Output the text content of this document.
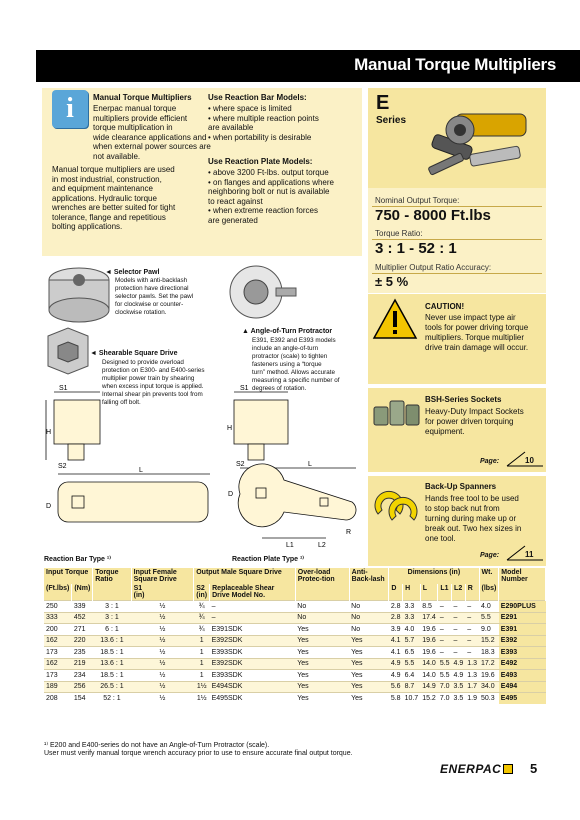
Manual Torque Multipliers
i	Manual Torque Multipliers
Enerpac manual torque
multipliers provide efficient
torque multiplication in
wide clearance applications and
when external power sources are
not available.
Manual torque multipliers are used
in most industrial, construction,
and equipment maintenance
applications. Hydraulic torque
wrenches are better suited for tight
tolerance, flange and repetitious
bolting applications.
Use Reaction Bar Models:
• where space is limited
• where multiple reaction points
are available
• when portability is desirable
Use Reaction Plate Models:
• above 3200 Ft-lbs. output torque
• on flanges and applications where
neighboring bolt or nut is available
to react against
• when extreme reaction forces
are generated
E
Series
Nominal Output Torque:
750 - 8000 Ft.lbs
Torque Ratio:
3 : 1 - 52 : 1
Multiplier Output Ratio Accuracy:
± 5 %
CAUTION!
Never use impact type air
tools for power driving torque
multipliers. Torque multiplier
drive train damage will occur.
BSH-Series Sockets
Heavy-Duty Impact Sockets
for power driven torquing
equipment.
Page:	10
Back-Up Spanners
Hands free tool to be used
to stop back nut from
turning during make up or
break out. Two hex sizes in
one tool.
Page:	11
◄ Selector Pawl
Models with anti-backlash
protection have directional
selector pawls. Set the pawl
for clockwise or counter-
clockwise rotation.
▲ Angle-of-Turn Protractor
E391, E392 and E393 models
include an angle-of-turn
protractor (scale) to tighten
fasteners using a “torque
turn” method. Allows accurate
measuring a specific number of
degrees of rotation.
◄ Shearable Square Drive
Designed to provide overload
protection on E300- and E400-series
multiplier power train by shearing
when excess input torque is applied.
Internal shear pin prevents tool from
falling off bolt.
S1
H
S2
L
D
S1
H
S2	L
D
L1	L2
R
Reaction Bar Type ¹⁾	Reaction Plate Type ¹⁾
Input Torque		Torque Ratio	Input Female Square Drive	Output Male Square Drive		Over-load Protec-tion	Anti-Back-lash	Dimensions (in)						Wt.	Model Number
(Ft.lbs)	(Nm)		S1
(in)	S2
(in)	Replaceable Shear Drive Model No.			D	H	L	L1	L2	R	(lbs)	
250	339	3 : 1	½	¾	–	No	No	2.8	3.3	8.5	–	–	–	4.0	E290PLUS
333	452	3 : 1	½	¾	–	No	No	2.8	3.3	17.4	–	–	–	5.5	E291
200	271	6 : 1	½	¾	E391SDK	Yes	No	3.9	4.0	19.6	–	–	–	9.0	E391
162	220	13.6 : 1	½	1	E392SDK	Yes	Yes	4.1	5.7	19.6	–	–	–	15.2	E392
173	235	18.5 : 1	½	1	E393SDK	Yes	Yes	4.1	6.5	19.6	–	–	–	18.3	E393
162	219	13.6 : 1	½	1	E392SDK	Yes	Yes	4.9	5.5	14.0	5.5	4.9	1.3	17.2	E492
173	234	18.5 : 1	½	1	E393SDK	Yes	Yes	4.9	6.4	14.0	5.5	4.9	1.3	19.6	E493
189	256	26.5 : 1	½	1½	E494SDK	Yes	Yes	5.6	8.7	14.9	7.0	3.5	1.7	34.0	E494
208	154	52 : 1	½	1½	E495SDK	Yes	Yes	5.8	10.7	15.2	7.0	3.5	1.9	50.3	E495
¹⁾ E200 and E400-series do not have an Angle-of-Turn Protractor (scale).
User must verify manual torque wrench accuracy prior to use to ensure accurate final output torque.
ENERPAC	5
